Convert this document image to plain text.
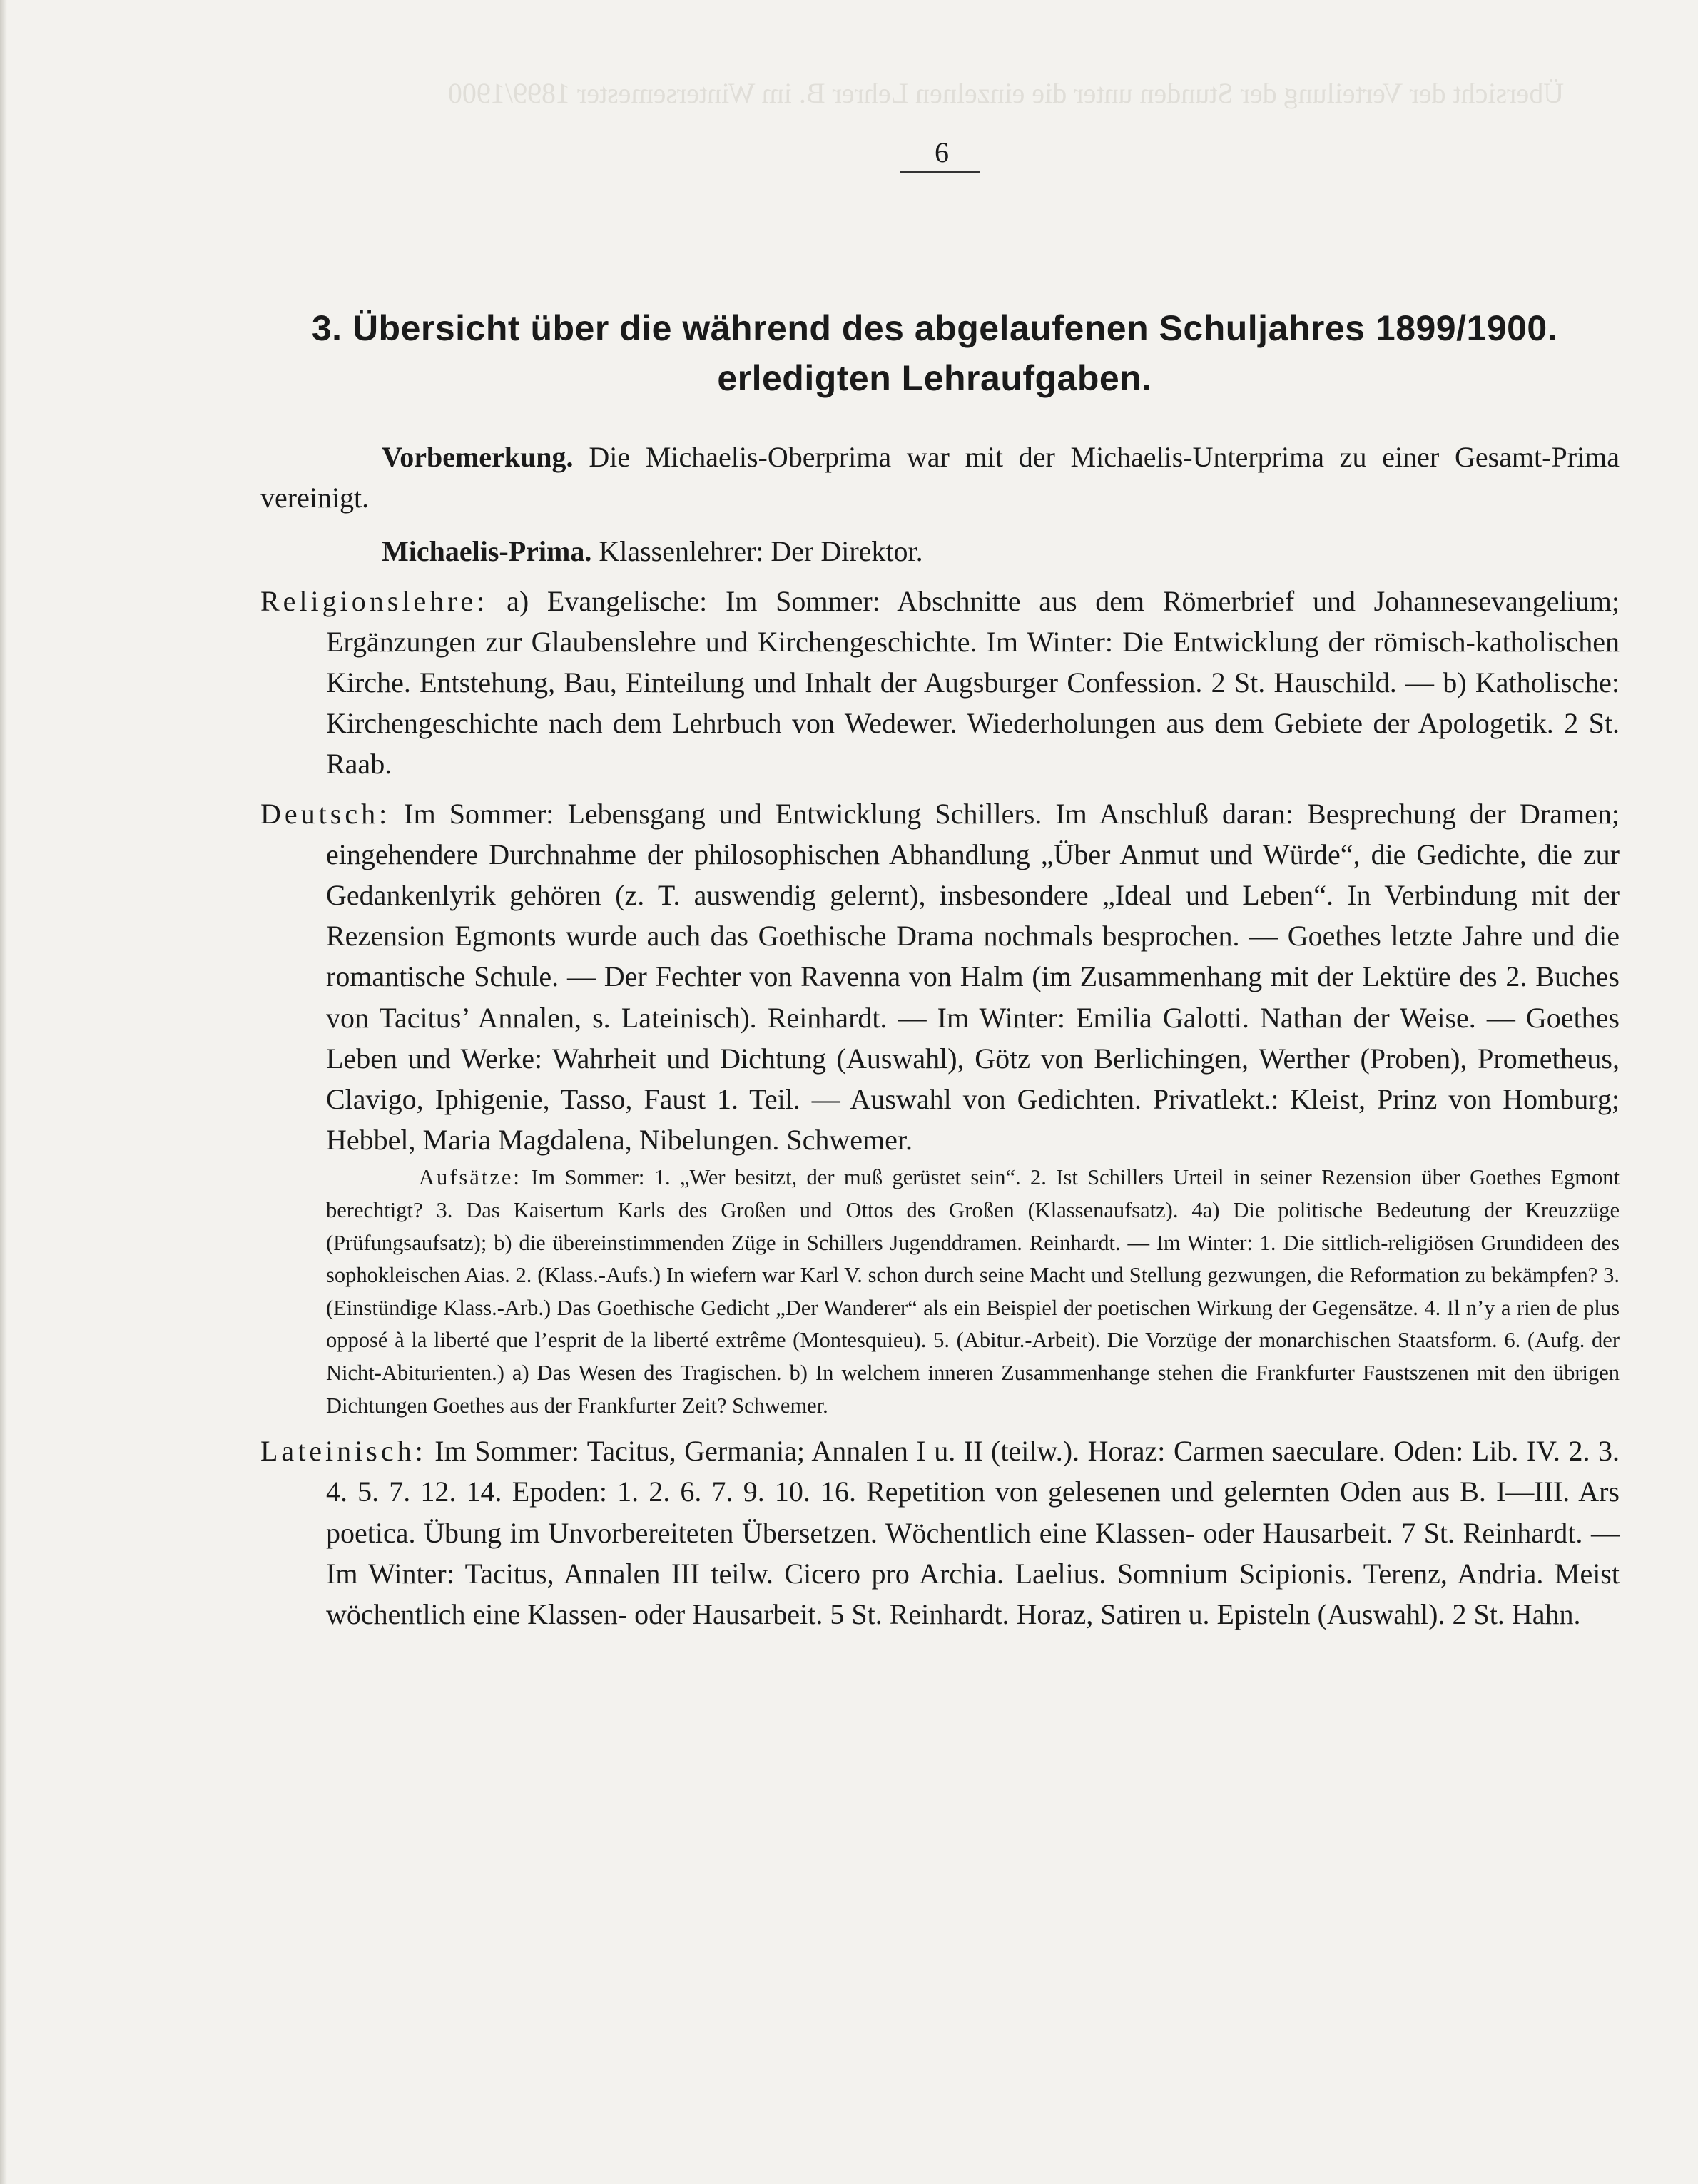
Übersicht der Verteilung der Stunden unter die einzelnen Lehrer B. im Wintersemester 1899/1900
6
3. Übersicht über die während des abgelaufenen Schuljahres 1899/1900.
erledigten Lehraufgaben.

Vorbemerkung. Die Michaelis-Oberprima war mit der Michaelis-Unterprima zu einer Gesamt-Prima vereinigt.

Michaelis-Prima. Klassenlehrer: Der Direktor.

Religionslehre: a) Evangelische: Im Sommer: Abschnitte aus dem Römerbrief und Johannesevangelium; Ergänzungen zur Glaubenslehre und Kirchengeschichte. Im Winter: Die Entwicklung der römisch-katholischen Kirche. Entstehung, Bau, Einteilung und Inhalt der Augsburger Confession. 2 St. Hauschild. — b) Katholische: Kirchengeschichte nach dem Lehrbuch von Wedewer. Wiederholungen aus dem Gebiete der Apologetik. 2 St. Raab.

Deutsch: Im Sommer: Lebensgang und Entwicklung Schillers. Im Anschluß daran: Besprechung der Dramen; eingehendere Durchnahme der philosophischen Abhandlung „Über Anmut und Würde“, die Gedichte, die zur Gedankenlyrik gehören (z. T. auswendig gelernt), insbesondere „Ideal und Leben“. In Verbindung mit der Rezension Egmonts wurde auch das Goethische Drama nochmals besprochen. — Goethes letzte Jahre und die romantische Schule. — Der Fechter von Ravenna von Halm (im Zusammenhang mit der Lektüre des 2. Buches von Tacitus’ Annalen, s. Lateinisch). Reinhardt. — Im Winter: Emilia Galotti. Nathan der Weise. — Goethes Leben und Werke: Wahrheit und Dichtung (Auswahl), Götz von Berlichingen, Werther (Proben), Prometheus, Clavigo, Iphigenie, Tasso, Faust 1. Teil. — Auswahl von Gedichten. Privatlekt.: Kleist, Prinz von Homburg; Hebbel, Maria Magdalena, Nibelungen. Schwemer.

Aufsätze: Im Sommer: 1. „Wer besitzt, der muß gerüstet sein“. 2. Ist Schillers Urteil in seiner Rezension über Goethes Egmont berechtigt? 3. Das Kaisertum Karls des Großen und Ottos des Großen (Klassenaufsatz). 4a) Die politische Bedeutung der Kreuzzüge (Prüfungsaufsatz); b) die übereinstimmenden Züge in Schillers Jugenddramen. Reinhardt. — Im Winter: 1. Die sittlich-religiösen Grundideen des sophokleischen Aias. 2. (Klass.-Aufs.) In wiefern war Karl V. schon durch seine Macht und Stellung gezwungen, die Reformation zu bekämpfen? 3. (Einstündige Klass.-Arb.) Das Goethische Gedicht „Der Wanderer“ als ein Beispiel der poetischen Wirkung der Gegensätze. 4. Il n’y a rien de plus opposé à la liberté que l’esprit de la liberté extrême (Montesquieu). 5. (Abitur.-Arbeit). Die Vorzüge der monarchischen Staatsform. 6. (Aufg. der Nicht-Abiturienten.) a) Das Wesen des Tragischen. b) In welchem inneren Zusammenhange stehen die Frankfurter Faustszenen mit den übrigen Dichtungen Goethes aus der Frankfurter Zeit? Schwemer.

Lateinisch: Im Sommer: Tacitus, Germania; Annalen I u. II (teilw.). Horaz: Carmen saeculare. Oden: Lib. IV. 2. 3. 4. 5. 7. 12. 14. Epoden: 1. 2. 6. 7. 9. 10. 16. Repetition von gelesenen und gelernten Oden aus B. I—III. Ars poetica. Übung im Unvorbereiteten Übersetzen. Wöchentlich eine Klassen- oder Hausarbeit. 7 St. Reinhardt. — Im Winter: Tacitus, Annalen III teilw. Cicero pro Archia. Laelius. Somnium Scipionis. Terenz, Andria. Meist wöchentlich eine Klassen- oder Hausarbeit. 5 St. Reinhardt. Horaz, Satiren u. Episteln (Auswahl). 2 St. Hahn.
